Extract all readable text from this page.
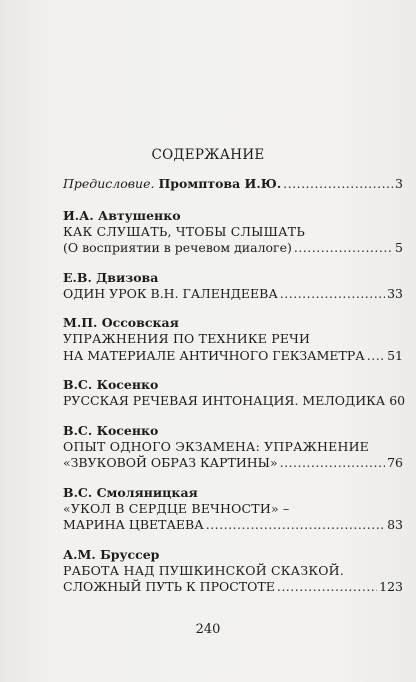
СОДЕРЖАНИЕ
Предисловие. Промптова И.Ю. .....	3
И.А. Автушенко
КАК СЛУШАТЬ, ЧТОБЫ СЛЫШАТЬ
(О восприятии в речевом диалоге) .....	5
Е.В. Двизова
ОДИН УРОК В.Н. ГАЛЕНДЕЕВА .....	33
М.П. Оссовская
УПРАЖНЕНИЯ ПО ТЕХНИКЕ РЕЧИ
НА МАТЕРИАЛЕ АНТИЧНОГО ГЕКЗАМЕТРА ..... 51
В.С. Косенко
РУССКАЯ РЕЧЕВАЯ ИНТОНАЦИЯ. МЕЛОДИКА 60
В.С. Косенко
ОПЫТ ОДНОГО ЭКЗАМЕНА: УПРАЖНЕНИЕ
«ЗВУКОВОЙ ОБРАЗ КАРТИНЫ» .....	76
В.С. Смоляницкая
«УКОЛ В СЕРДЦЕ ВЕЧНОСТИ» –
МАРИНА ЦВЕТАЕВА .....	83
А.М. Бруссер
РАБОТА НАД ПУШКИНСКОЙ СКАЗКОЙ.
СЛОЖНЫЙ ПУТЬ К ПРОСТОТЕ .....	123
240
